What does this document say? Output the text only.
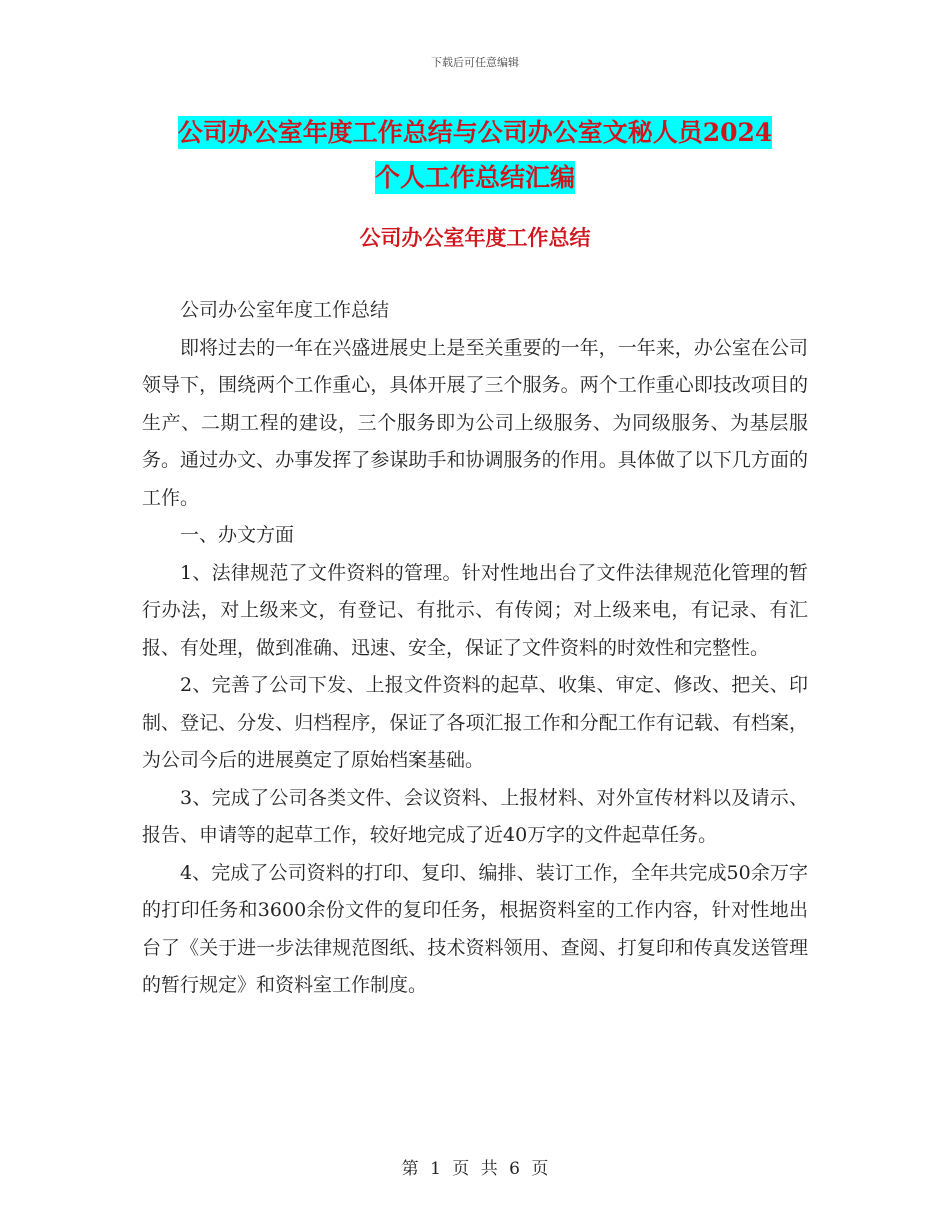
下载后可任意编辑
公司办公室年度工作总结与公司办公室文秘人员2024
个人工作总结汇编
公司办公室年度工作总结

公司办公室年度工作总结

即将过去的一年在兴盛进展史上是至关重要的一年，一年来，办公室在公司领导下，围绕两个工作重心，具体开展了三个服务。两个工作重心即技改项目的生产、二期工程的建设，三个服务即为公司上级服务、为同级服务、为基层服务。通过办文、办事发挥了参谋助手和协调服务的作用。具体做了以下几方面的工作。

一、办文方面

1、法律规范了文件资料的管理。针对性地出台了文件法律规范化管理的暂行办法，对上级来文，有登记、有批示、有传阅；对上级来电，有记录、有汇报、有处理，做到准确、迅速、安全，保证了文件资料的时效性和完整性。

2、完善了公司下发、上报文件资料的起草、收集、审定、修改、把关、印制、登记、分发、归档程序，保证了各项汇报工作和分配工作有记载、有档案，为公司今后的进展奠定了原始档案基础。

3、完成了公司各类文件、会议资料、上报材料、对外宣传材料以及请示、报告、申请等的起草工作，较好地完成了近40万字的文件起草任务。

4、完成了公司资料的打印、复印、编排、装订工作，全年共完成50余万字的打印任务和3600余份文件的复印任务，根据资料室的工作内容，针对性地出台了《关于进一步法律规范图纸、技术资料领用、查阅、打复印和传真发送管理的暂行规定》和资料室工作制度。

第 1 页 共 6 页
